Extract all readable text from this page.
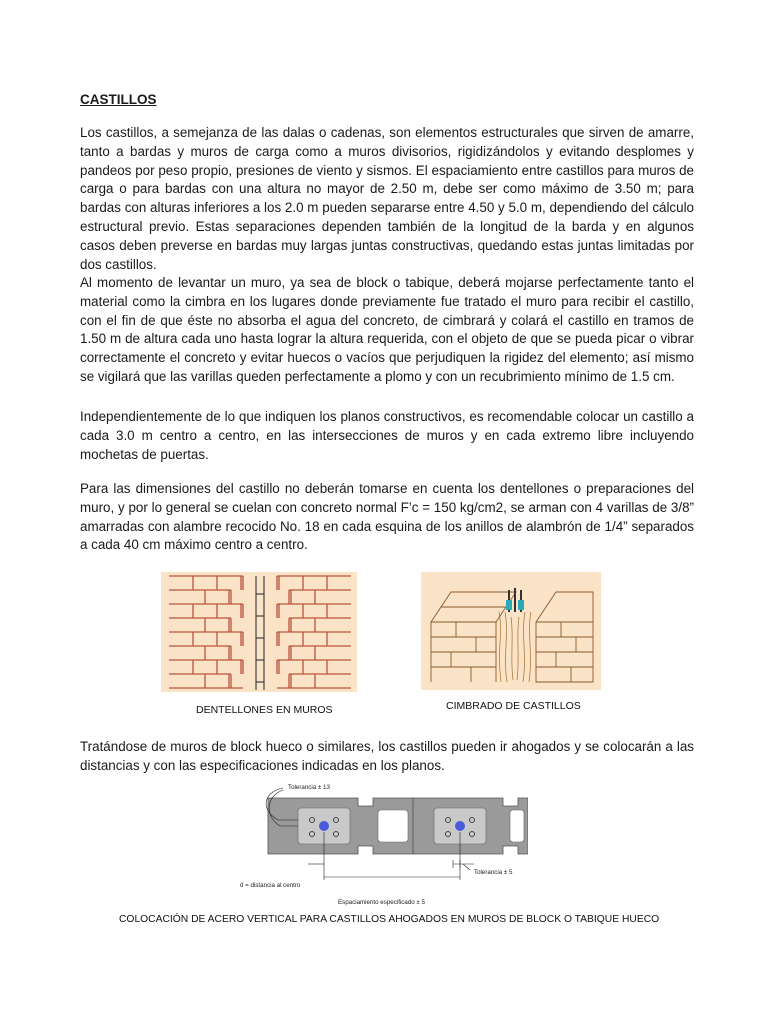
CASTILLOS

Los castillos, a semejanza de las dalas o cadenas, son elementos estructurales que sirven de amarre, tanto a bardas y muros de carga como a muros divisorios, rigidizándolos y evitando desplomes y pandeos por peso propio, presiones de viento y sismos. El espaciamiento entre castillos para muros de carga o para bardas con una altura no mayor de 2.50 m, debe ser como máximo de 3.50 m; para bardas con alturas inferiores a los 2.0 m pueden separarse entre 4.50 y 5.0 m, dependiendo del cálculo estructural previo. Estas separaciones dependen también de la longitud de la barda y en algunos casos deben preverse en bardas muy largas juntas constructivas, quedando estas juntas limitadas por dos castillos.

Al momento de levantar un muro, ya sea de block o tabique, deberá mojarse perfectamente tanto el material como la cimbra en los lugares donde previamente fue tratado el muro para recibir el castillo, con el fin de que éste no absorba el agua del concreto, de cimbrará y colará el castillo en tramos de 1.50 m de altura cada uno hasta lograr la altura requerida, con el objeto de que se pueda picar o vibrar correctamente el concreto y evitar huecos o vacíos que perjudiquen la rigidez del elemento; así mismo se vigilará que las varillas queden perfectamente a plomo y con un recubrimiento mínimo de 1.5 cm.

Independientemente de lo que indiquen los planos constructivos, es recomendable colocar un castillo a cada 3.0 m centro a centro, en las intersecciones de muros y en cada extremo libre incluyendo mochetas de puertas.

Para las dimensiones del castillo no deberán tomarse en cuenta los dentellones o preparaciones del muro, y por lo general se cuelan con concreto normal F’c = 150 kg/cm2, se arman con 4 varillas de 3/8” amarradas con alambre recocido No. 18 en cada esquina de los anillos de alambrón de 1/4” separados a cada 40 cm máximo centro a centro.

DENTELLONES EN MUROS	CIMBRADO DE CASTILLOS

Tratándose de muros de block hueco o similares, los castillos pueden ir ahogados y se colocarán a las distancias y con las especificaciones indicadas en los planos.

Tolerancia ± 13
d = distancia al centro
Espaciamiento especificado ± 5
Tolerancia ± 5

COLOCACIÓN DE ACERO VERTICAL PARA CASTILLOS AHOGADOS EN MUROS DE BLOCK O TABIQUE HUECO
